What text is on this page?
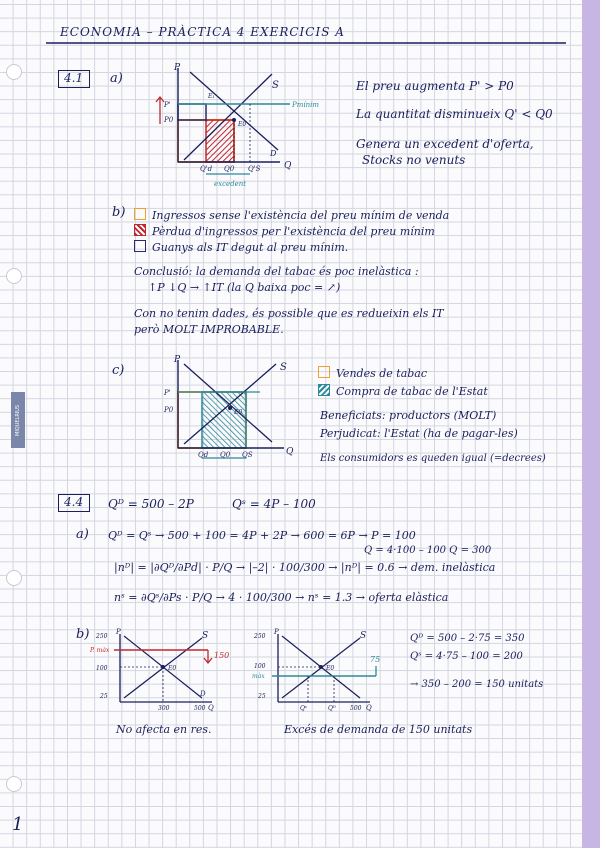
ECONOMIA – PRÀCTICA 4 EXERCICIS A
4.1 a)
P
Q
S
D
E₁
E0
P'
P0
Pmínim
Q'd Q0 Q'S
excedent
El preu augmenta P' > P0
La quantitat disminueix Q' < Q0
Genera un excedent d'oferta,
Stocks no venuts
b)	Ingressos sense l'existència del preu mínim de venda
Pèrdua d'ingressos per l'existència del preu mínim
Guanys als IT degut al preu mínim.
Conclusió: la demanda del tabac és poc inelàstica :
↑P ↓Q → ↑IT (la Q baixa poc = ↗)
Con no tenim dades, és possible que es redueixin els IT
però MOLT IMPROBABLE.
c)
P
Q
S
E0
P'
P0
Qd Q0 QS
Vendes de tabac
Compra de tabac de l'Estat
Beneficiats: productors (MOLT)
Perjudicat: l'Estat (ha de pagar-les)
Els consumidors es queden igual (=decrees)
4.4 Qᴰ = 500 – 2P	Qˢ = 4P – 100
a) Qᴰ = Qˢ → 500 + 100 = 4P + 2P → 600 = 6P → P = 100
Q = 4·100 – 100 Q = 300
|nᴰ| = |∂Qᴰ/∂Pd| · P/Q → |–2| · 100/300 → |nᴰ| = 0.6 → dem. inelàstica
nˢ = ∂Qˢ/∂Ps · P/Q → 4 · 100/300 → nˢ = 1.3 → oferta elàstica
b)	P	S
D
E0
250
P. màx
100
25
300	500 Q
150
P	S
E0
250
100
màx
25
Qˢ	Qᴰ 500 Q
75
Qᴰ = 500 – 2·75 = 350
Qˢ = 4·75 – 100 = 200
→ 350 – 200 = 150 unitats
No afecta en res.	Excés de demanda de 150 unitats
1
MIQUELRIUS
